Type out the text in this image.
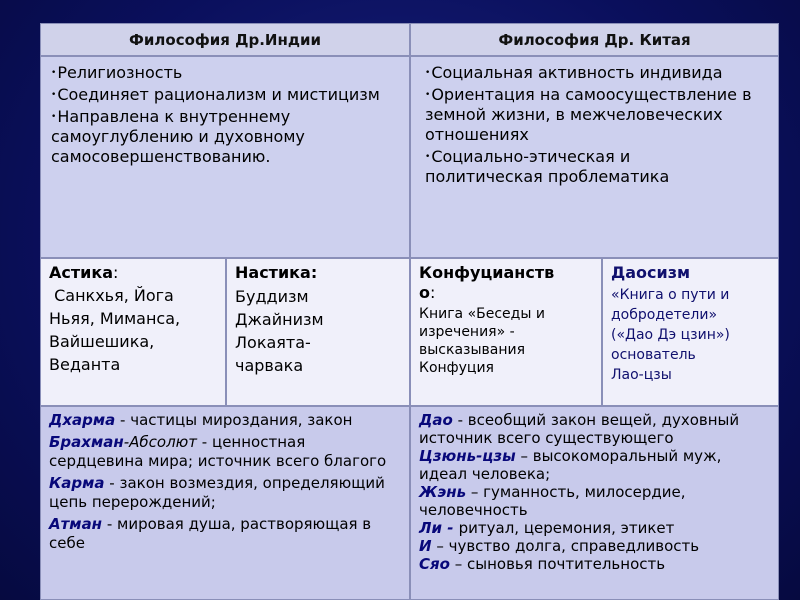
Философия Др.Индии	Философия Др. Китая
•Религиозность
•Соединяет рационализм и мистицизм
•Направлена к внутреннему самоуглублению и духовному самосовершенствованию.
•Социальная активность индивида
•Ориентация на самоосуществление в земной жизни, в межчеловеческих отношениях
•Социально-этическая и политическая проблематика
Астика:
Санкхья, Йога
Ньяя, Миманса,
Вайшешика,
Веданта
Настика:
Буддизм
Джайнизм
Локаята-
чарвака
Конфуцианств
о:
Книга «Беседы и
изречения» -
высказывания
Конфуция
Даосизм
«Книга о пути и
добродетели»
(«Дао Дэ цзин»)
основатель
Лао-цзы
Дхарма - частицы мироздания, закон
Брахман-Абсолют - ценностная сердцевина мира; источник всего благого
Карма - закон возмездия, определяющий цепь перерождений;
Атман - мировая душа, растворяющая в себе
Дао - всеобщий закон вещей, духовный источник всего существующего
Цзюнь-цзы – высокоморальный муж, идеал человека;
Жэнь – гуманность, милосердие, человечность
Ли - ритуал, церемония, этикет
И – чувство долга, справедливость
Сяо – сыновья почтительность
